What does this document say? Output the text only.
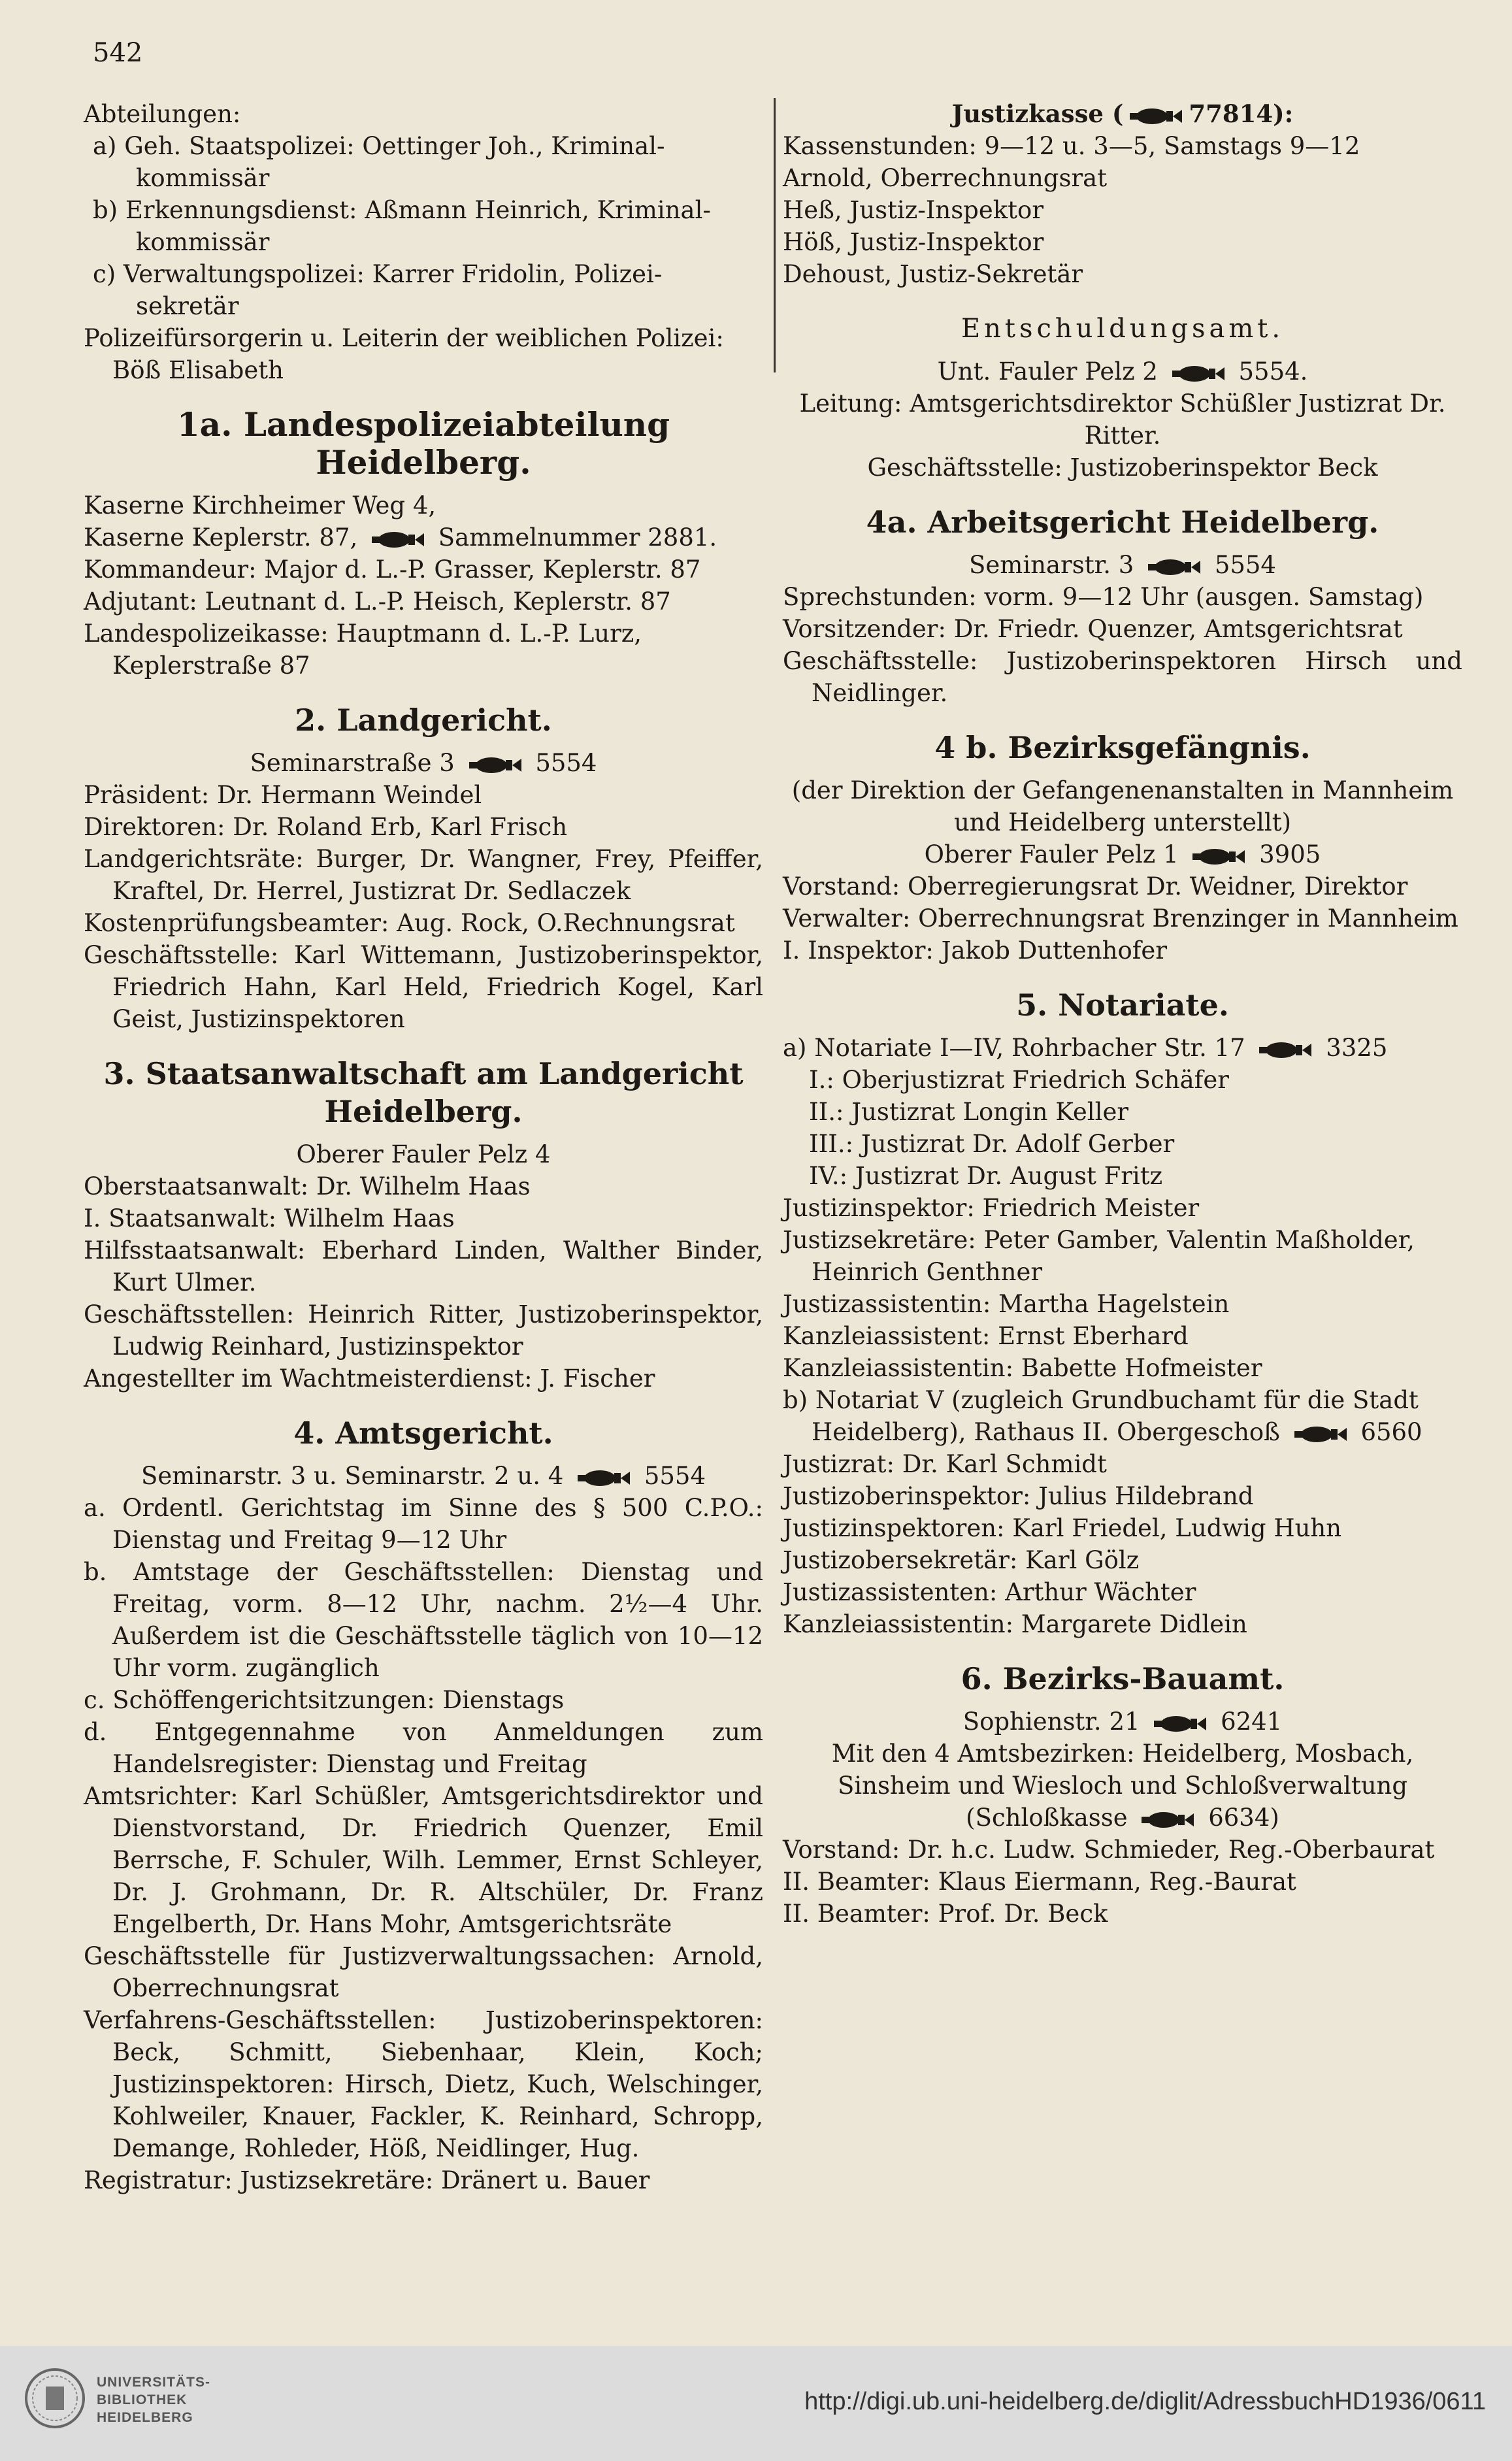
542

Abteilungen:

a) Geh. Staatspolizei: Oettinger Joh., Kriminal-kommissär

b) Erkennungsdienst: Aßmann Heinrich, Kriminal-kommissär

c) Verwaltungspolizei: Karrer Fridolin, Polizei-sekretär

Polizeifürsorgerin u. Leiterin der weiblichen Polizei: Böß Elisabeth

1a. Landespolizeiabteilung Heidelberg.

Kaserne Kirchheimer Weg 4,

Kaserne Keplerstr. 87,	Sammelnummer 2881.

Kommandeur: Major d. L.-P. Grasser, Keplerstr. 87

Adjutant: Leutnant d. L.-P. Heisch, Keplerstr. 87

Landespolizeikasse: Hauptmann d. L.-P. Lurz, Keplerstraße 87

2. Landgericht.

Seminarstraße 3	5554

Präsident: Dr. Hermann Weindel

Direktoren: Dr. Roland Erb, Karl Frisch

Landgerichtsräte: Burger, Dr. Wangner, Frey, Pfeiffer, Kraftel, Dr. Herrel, Justizrat Dr. Sedlaczek

Kostenprüfungsbeamter: Aug. Rock, O.Rechnungsrat

Geschäftsstelle: Karl Wittemann, Justizoberinspektor, Friedrich Hahn, Karl Held, Friedrich Kogel, Karl Geist, Justizinspektoren

3. Staatsanwaltschaft am Landgericht
Heidelberg.

Oberer Fauler Pelz 4

Oberstaatsanwalt: Dr. Wilhelm Haas

I. Staatsanwalt: Wilhelm Haas

Hilfsstaatsanwalt: Eberhard Linden, Walther Binder, Kurt Ulmer.

Geschäftsstellen: Heinrich Ritter, Justizoberinspektor, Ludwig Reinhard, Justizinspektor

Angestellter im Wachtmeisterdienst: J. Fischer

4. Amtsgericht.

Seminarstr. 3 u. Seminarstr. 2 u. 4	5554

a. Ordentl. Gerichtstag im Sinne des § 500 C.P.O.: Dienstag und Freitag 9—12 Uhr

b. Amtstage der Geschäftsstellen: Dienstag und Freitag, vorm. 8—12 Uhr, nachm. 2½—4 Uhr. Außerdem ist die Geschäftsstelle täglich von 10—12 Uhr vorm. zugänglich

c. Schöffengerichtsitzungen: Dienstags

d. Entgegennahme von Anmeldungen zum Handelsregister: Dienstag und Freitag

Amtsrichter: Karl Schüßler, Amtsgerichtsdirektor und Dienstvorstand, Dr. Friedrich Quenzer, Emil Berrsche, F. Schuler, Wilh. Lemmer, Ernst Schleyer, Dr. J. Grohmann, Dr. R. Altschüler, Dr. Franz Engelberth, Dr. Hans Mohr, Amtsgerichtsräte

Geschäftsstelle für Justizverwaltungssachen: Arnold, Oberrechnungsrat

Verfahrens-Geschäftsstellen: Justizoberinspektoren: Beck, Schmitt, Siebenhaar, Klein, Koch; Justizinspektoren: Hirsch, Dietz, Kuch, Welschinger, Kohlweiler, Knauer, Fackler, K. Reinhard, Schropp, Demange, Rohleder, Höß, Neidlinger, Hug.

Registratur: Justizsekretäre: Dränert u. Bauer

Justizkasse (	77814):

Kassenstunden: 9—12 u. 3—5, Samstags 9—12

Arnold, Oberrechnungsrat

Heß, Justiz-Inspektor

Höß, Justiz-Inspektor

Dehoust, Justiz-Sekretär

Entschuldungsamt.

Unt. Fauler Pelz 2	5554.

Leitung: Amtsgerichtsdirektor Schüßler Justizrat Dr. Ritter.

Geschäftsstelle: Justizoberinspektor Beck

4a. Arbeitsgericht Heidelberg.

Seminarstr. 3	5554

Sprechstunden: vorm. 9—12 Uhr (ausgen. Samstag)

Vorsitzender: Dr. Friedr. Quenzer, Amtsgerichtsrat

Geschäftsstelle: Justizoberinspektoren Hirsch und Neidlinger.

4 b. Bezirksgefängnis.

(der Direktion der Gefangenenanstalten in Mannheim und Heidelberg unterstellt)

Oberer Fauler Pelz 1	3905

Vorstand: Oberregierungsrat Dr. Weidner, Direktor

Verwalter: Oberrechnungsrat Brenzinger in Mannheim

I. Inspektor: Jakob Duttenhofer

5. Notariate.

a) Notariate I—IV, Rohrbacher Str. 17	3325

I.: Oberjustizrat Friedrich Schäfer

II.: Justizrat Longin Keller

III.: Justizrat Dr. Adolf Gerber

IV.: Justizrat Dr. August Fritz

Justizinspektor: Friedrich Meister

Justizsekretäre: Peter Gamber, Valentin Maßholder, Heinrich Genthner

Justizassistentin: Martha Hagelstein

Kanzleiassistent: Ernst Eberhard

Kanzleiassistentin: Babette Hofmeister

b) Notariat V (zugleich Grundbuchamt für die Stadt Heidelberg), Rathaus II. Obergeschoß	6560

Justizrat: Dr. Karl Schmidt

Justizoberinspektor: Julius Hildebrand

Justizinspektoren: Karl Friedel, Ludwig Huhn

Justizobersekretär: Karl Gölz

Justizassistenten: Arthur Wächter

Kanzleiassistentin: Margarete Didlein

6. Bezirks-Bauamt.

Sophienstr. 21	6241

Mit den 4 Amtsbezirken: Heidelberg, Mosbach, Sinsheim und Wiesloch und Schloßverwaltung

(Schloßkasse	6634)

Vorstand: Dr. h.c. Ludw. Schmieder, Reg.-Oberbaurat

II. Beamter: Klaus Eiermann, Reg.-Baurat

II. Beamter: Prof. Dr. Beck

UNIVERSITÄTS-
BIBLIOTHEK
HEIDELBERG
http://digi.ub.uni-heidelberg.de/diglit/AdressbuchHD1936/0611
